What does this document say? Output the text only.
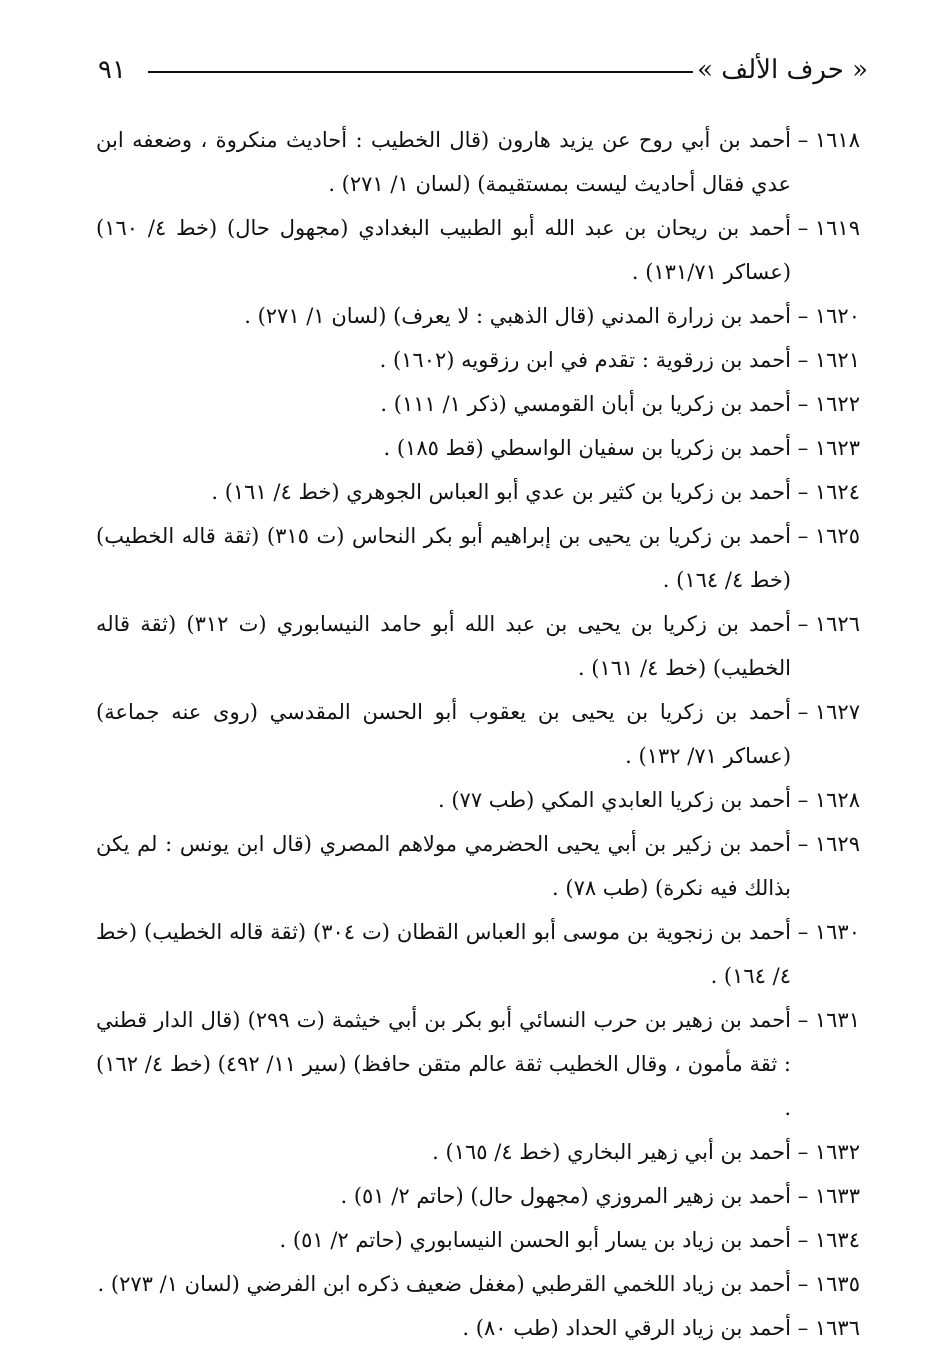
« حرف الألف »
٩١
١٦١٨
–
أحمد بن أبي روح عن يزيد هارون (قال الخطيب : أحاديث منكروة ، وضعفه ابن عدي فقال أحاديث ليست بمستقيمة) (لسان ١/ ٢٧١) .
١٦١٩
–
أحمد بن ريحان بن عبد الله أبو الطبيب البغدادي (مجهول حال) (خط ٤/ ١٦٠) (عساكر ١٣١/٧١) .
١٦٢٠
–
أحمد بن زرارة المدني (قال الذهبي : لا يعرف) (لسان ١/ ٢٧١) .
١٦٢١
–
أحمد بن زرقوية : تقدم في ابن رزقويه (١٦٠٢) .
١٦٢٢
–
أحمد بن زكريا بن أبان القومسي (ذكر ١/ ١١١) .
١٦٢٣
–
أحمد بن زكريا بن سفيان الواسطي (قط ١٨٥) .
١٦٢٤
–
أحمد بن زكريا بن كثير بن عدي أبو العباس الجوهري (خط ٤/ ١٦١) .
١٦٢٥
–
أحمد بن زكريا بن يحيى بن إبراهيم أبو بكر النحاس (ت ٣١٥) (ثقة قاله الخطيب) (خط ٤/ ١٦٤) .
١٦٢٦
–
أحمد بن زكريا بن يحيى بن عبد الله أبو حامد النيسابوري (ت ٣١٢) (ثقة قاله الخطيب) (خط ٤/ ١٦١) .
١٦٢٧
–
أحمد بن زكريا بن يحيى بن يعقوب أبو الحسن المقدسي (روى عنه جماعة) (عساكر ٧١/ ١٣٢) .
١٦٢٨
–
أحمد بن زكريا العابدي المكي (طب ٧٧) .
١٦٢٩
–
أحمد بن زكير بن أبي يحيى الحضرمي مولاهم المصري (قال ابن يونس : لم يكن بذالك فيه نكرة) (طب ٧٨) .
١٦٣٠
–
أحمد بن زنجوية بن موسى أبو العباس القطان (ت ٣٠٤) (ثقة قاله الخطيب) (خط ٤/ ١٦٤) .
١٦٣١
–
أحمد بن زهير بن حرب النسائي أبو بكر بن أبي خيثمة (ت ٢٩٩) (قال الدار قطني : ثقة مأمون ، وقال الخطيب ثقة عالم متقن حافظ) (سير ١١/ ٤٩٢) (خط ٤/ ١٦٢) .
١٦٣٢
–
أحمد بن أبي زهير البخاري (خط ٤/ ١٦٥) .
١٦٣٣
–
أحمد بن زهير المروزي (مجهول حال) (حاتم ٢/ ٥١) .
١٦٣٤
–
أحمد بن زياد بن يسار أبو الحسن النيسابوري (حاتم ٢/ ٥١) .
١٦٣٥
–
أحمد بن زياد اللخمي القرطبي (مغفل ضعيف ذكره ابن الفرضي (لسان ١/ ٢٧٣) .
١٦٣٦
–
أحمد بن زياد الرقي الحداد (طب ٨٠) .
